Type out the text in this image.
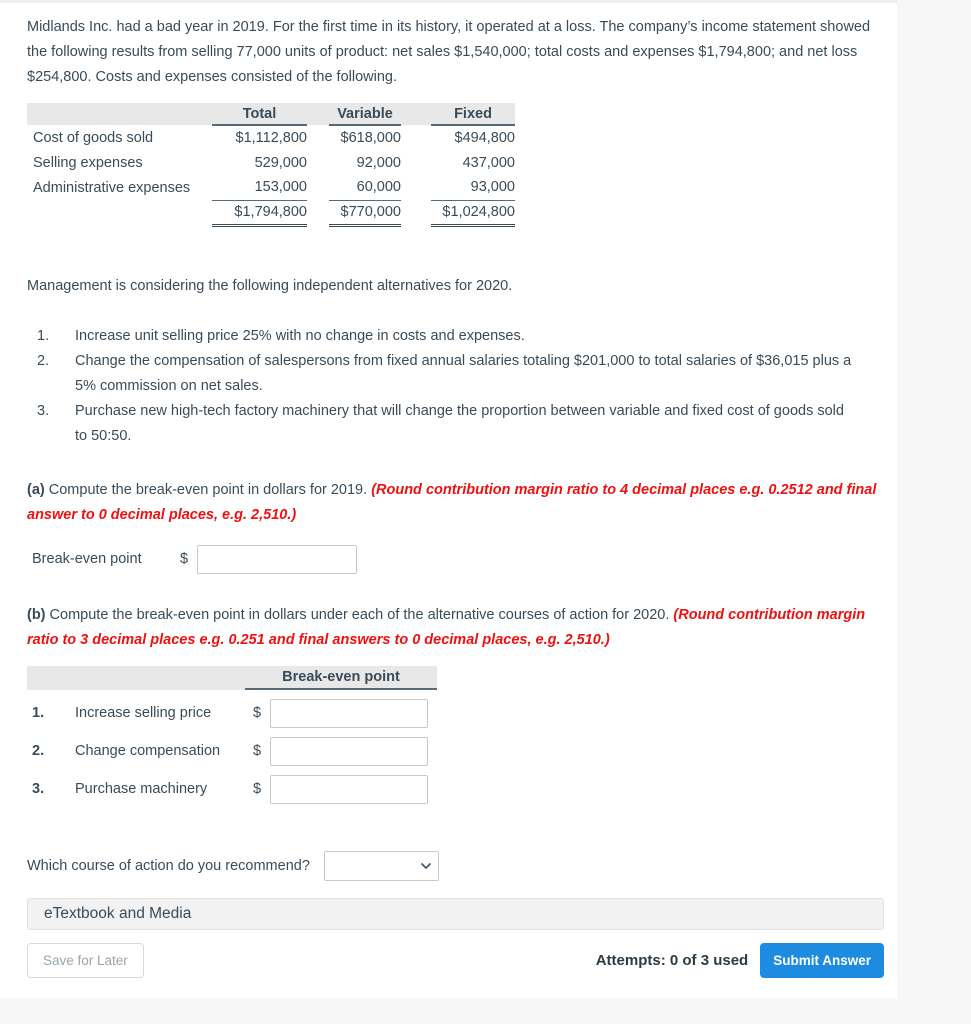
Midlands Inc. had a bad year in 2019. For the first time in its history, it operated at a loss. The company’s income statement showed the following results from selling 77,000 units of product: net sales $1,540,000; total costs and expenses $1,794,800; and net loss $254,800. Costs and expenses consisted of the following.

	Total		Variable		Fixed
Cost of goods sold	$1,112,800		$618,000		$494,800
Selling expenses	529,000		92,000		437,000
Administrative expenses	153,000		60,000		93,000
	$1,794,800		$770,000		$1,024,800

Management is considering the following independent alternatives for 2020.

1.	Increase unit selling price 25% with no change in costs and expenses.
2.	Change the compensation of salespersons from fixed annual salaries totaling $201,000 to total salaries of $36,015 plus a 5% commission on net sales.
3.	Purchase new high-tech factory machinery that will change the proportion between variable and fixed cost of goods sold to 50:50.

(a) Compute the break-even point in dollars for 2019. (Round contribution margin ratio to 4 decimal places e.g. 0.2512 and final answer to 0 decimal places, e.g. 2,510.)

Break-even point	$

(b) Compute the break-even point in dollars under each of the alternative courses of action for 2020. (Round contribution margin ratio to 3 decimal places e.g. 0.251 and final answers to 0 decimal places, e.g. 2,510.)

Break-even point
1.	Increase selling price	$
2.	Change compensation	$
3.	Purchase machinery	$
Which course of action do you recommend?
eTextbook and Media
Save for Later	Attempts: 0 of 3 used	Submit Answer
